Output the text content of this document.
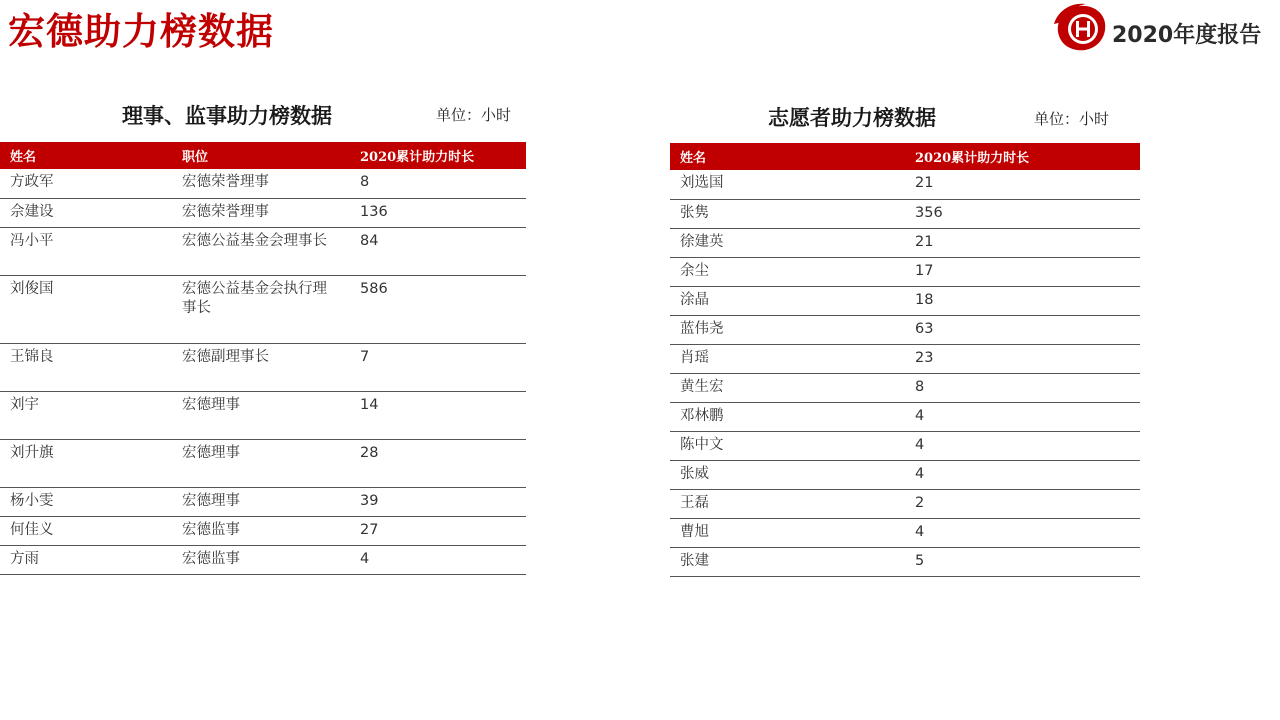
宏德助力榜数据	2020年度报告
理事、监事助力榜数据	单位：小时
姓名	职位	2020累计助力时长
方政军	宏德荣誉理事	8
佘建设	宏德荣誉理事	136
冯小平	宏德公益基金会理事长	84
刘俊国	宏德公益基金会执行理事长	586
王锦良	宏德副理事长	7
刘宇	宏德理事	14
刘升旗	宏德理事	28
杨小雯	宏德理事	39
何佳义	宏德监事	27
方雨	宏德监事	4
志愿者助力榜数据	单位：小时
姓名	2020累计助力时长
刘选国	21
张隽	356
徐建英	21
余尘	17
涂晶	18
蓝伟尧	63
肖瑶	23
黄生宏	8
邓林鹏	4
陈中文	4
张威	4
王磊	2
曹旭	4
张建	5
